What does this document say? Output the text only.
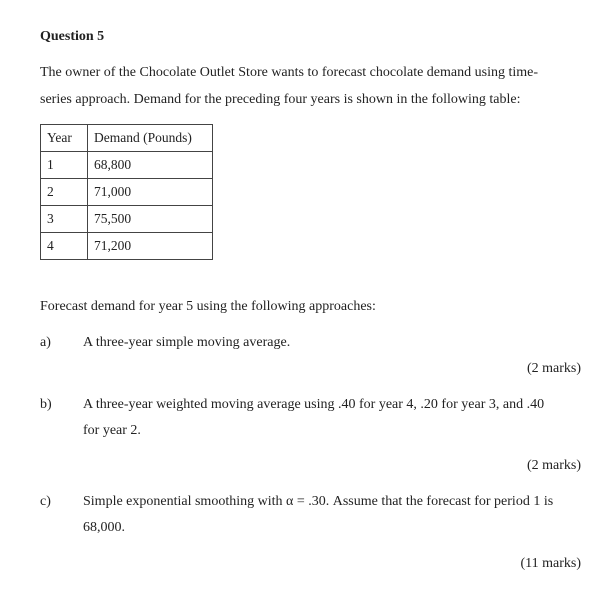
Question 5
The owner of the Chocolate Outlet Store wants to forecast chocolate demand using time-
series approach. Demand for the preceding four years is shown in the following table:
Year	Demand (Pounds)
1	68,800
2	71,000
3	75,500
4	71,200
Forecast demand for year 5 using the following approaches:
a) A three-year simple moving average.
(2 marks)
b) A three-year weighted moving average using .40 for year 4, .20 for year 3, and .40
for year 2.
(2 marks)
c) Simple exponential smoothing with α = .30. Assume that the forecast for period 1 is
68,000.
(11 marks)
